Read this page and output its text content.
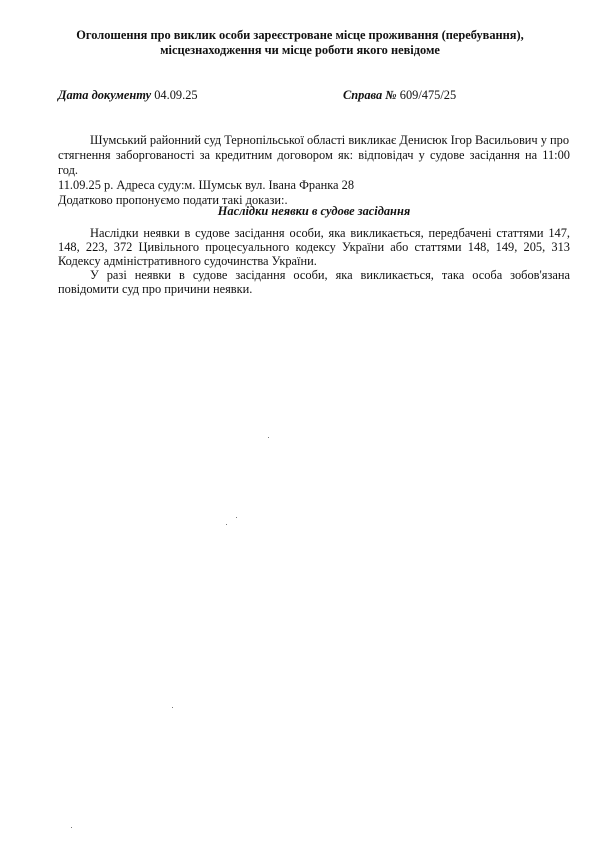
Оголошення про виклик особи зареєстроване місце проживання (перебування),
місцезнаходження чи місце роботи якого невідоме
Дата документу 04.09.25	Справа № 609/475/25

Шумський районний суд Тернопільської області викликає Денисюк Ігор Васильович у про

стягнення заборгованості за кредитним договором як: відповідач у судове засідання на 11:00 год.

11.09.25 р. Адреса суду:м. Шумськ вул. Івана Франка 28

Додатково пропонуємо подати такі докази:.

Наслідки неявки в судове засідання

Наслідки неявки в судове засідання особи, яка викликається, передбачені статтями 147, 148, 223, 372 Цивільного процесуального кодексу України або статтями 148, 149, 205, 313 Кодексу адміністративного судочинства України.

У разі неявки в судове засідання особи, яка викликається, така особа зобов'язана повідомити суд про причини неявки.
